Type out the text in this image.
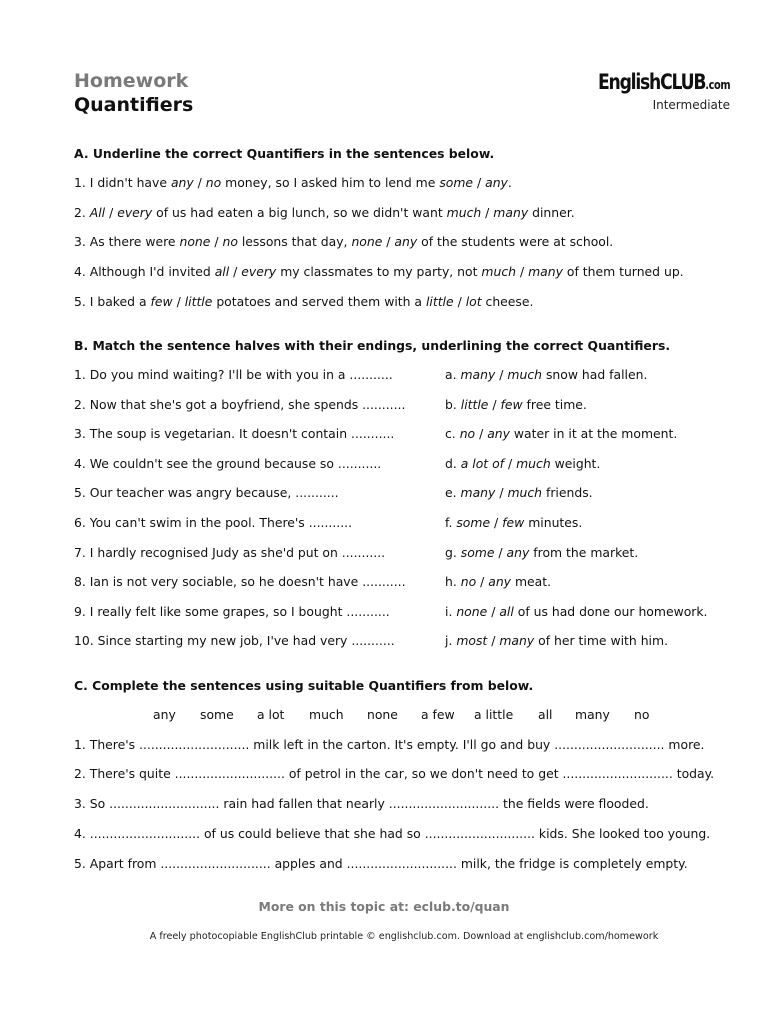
Homework
Quantifiers
EnglishCLUB.com
Intermediate
A. Underline the correct Quantifiers in the sentences below.
1. I didn't have any / no money, so I asked him to lend me some / any.
2. All / every of us had eaten a big lunch, so we didn't want much / many dinner.
3. As there were none / no lessons that day, none / any of the students were at school.
4. Although I'd invited all / every my classmates to my party, not much / many of them turned up.
5. I baked a few / little potatoes and served them with a little / lot cheese.
B. Match the sentence halves with their endings, underlining the correct Quantifiers.
1. Do you mind waiting? I'll be with you in a ...........
2. Now that she's got a boyfriend, she spends ...........
3. The soup is vegetarian. It doesn't contain ...........
4. We couldn't see the ground because so ...........
5. Our teacher was angry because, ...........
6. You can't swim in the pool. There's ...........
7. I hardly recognised Judy as she'd put on ...........
8. Ian is not very sociable, so he doesn't have ...........
9. I really felt like some grapes, so I bought ...........
10. Since starting my new job, I've had very ...........
a. many / much snow had fallen.
b. little / few free time.
c. no / any water in it at the moment.
d. a lot of / much weight.
e. many / much friends.
f. some / few minutes.
g. some / any from the market.
h. no / any meat.
i. none / all of us had done our homework.
j. most / many of her time with him.
C. Complete the sentences using suitable Quantifiers from below.
any some a lot much none a few a little all many no
1. There's ............................ milk left in the carton. It's empty. I'll go and buy ............................ more.
2. There's quite ............................ of petrol in the car, so we don't need to get ............................ today.
3. So ............................ rain had fallen that nearly ............................ the fields were flooded.
4. ............................ of us could believe that she had so ............................ kids. She looked too young.
5. Apart from ............................ apples and ............................ milk, the fridge is completely empty.
More on this topic at: eclub.to/quan
A freely photocopiable EnglishClub printable © englishclub.com. Download at englishclub.com/homework
